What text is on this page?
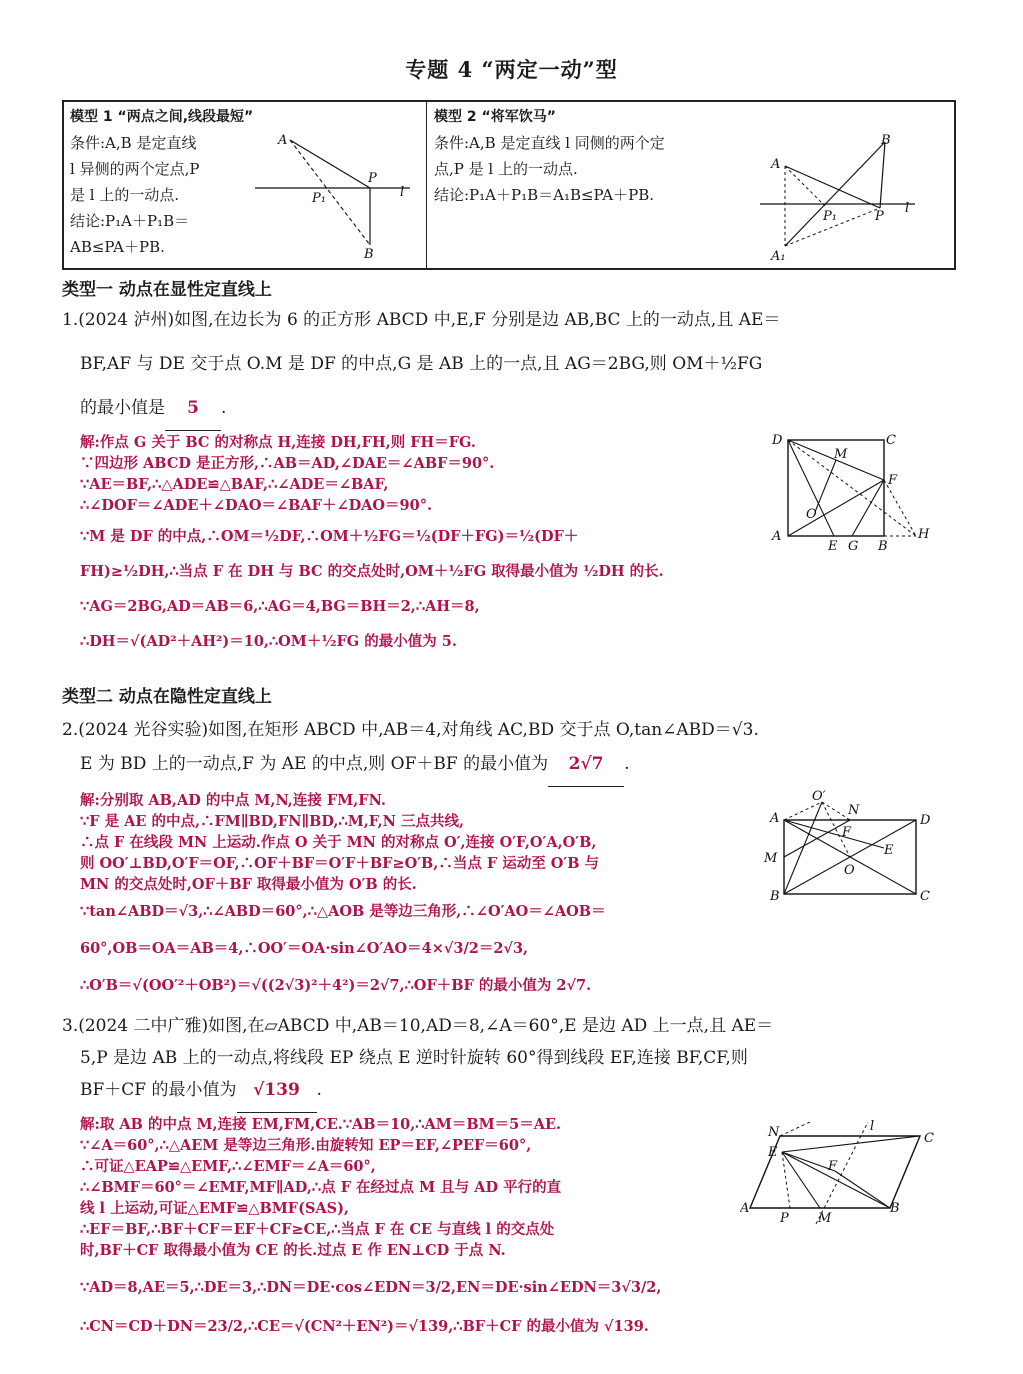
专题 4 “两定一动”型
模型 1 “两点之间,线段最短”
条件:A,B 是定直线
l 异侧的两个定点,P
是 l 上的一动点.
结论:P₁A＋P₁B＝
AB≤PA＋PB.
A
P
P₁	l
B
模型 2 “将军饮马”
条件:A,B 是定直线 l 同侧的两个定
点,P 是 l 上的一动点.
结论:P₁A＋P₁B＝A₁B≤PA＋PB.
B
A
P₁	P
l
A₁
类型一 动点在显性定直线上
1.(2024 泸州)如图,在边长为 6 的正方形 ABCD 中,E,F 分别是边 AB,BC 上的一动点,且 AE＝
BF,AF 与 DE 交于点 O.M 是 DF 的中点,G 是 AB 上的一点,且 AG＝2BG,则 OM＋½FG
的最小值是 5 .
解:作点 G 关于 BC 的对称点 H,连接 DH,FH,则 FH＝FG.
∵四边形 ABCD 是正方形,∴AB＝AD,∠DAE＝∠ABF＝90°.
∵AE＝BF,∴△ADE≌△BAF,∴∠ADE＝∠BAF,
∴∠DOF＝∠ADE＋∠DAO＝∠BAF＋∠DAO＝90°.
∵M 是 DF 的中点,∴OM＝½DF,∴OM＋½FG＝½(DF＋FG)＝½(DF＋
FH)≥½DH,∴当点 F 在 DH 与 BC 的交点处时,OM＋½FG 取得最小值为 ½DH 的长.
∵AG＝2BG,AD＝AB＝6,∴AG＝4,BG＝BH＝2,∴AH＝8,
∴DH＝√(AD²＋AH²)＝10,∴OM＋½FG 的最小值为 5.
D	C
M
F
O
A
E G B
H
类型二 动点在隐性定直线上
2.(2024 光谷实验)如图,在矩形 ABCD 中,AB＝4,对角线 AC,BD 交于点 O,tan∠ABD＝√3.
E 为 BD 上的一动点,F 为 AE 的中点,则 OF＋BF 的最小值为 2√7 .
解:分别取 AB,AD 的中点 M,N,连接 FM,FN.
∵F 是 AE 的中点,∴FM∥BD,FN∥BD,∴M,F,N 三点共线,
∴点 F 在线段 MN 上运动.作点 O 关于 MN 的对称点 O′,连接 O′F,O′A,O′B,
则 OO′⊥BD,O′F＝OF,∴OF＋BF＝O′F＋BF≥O′B,∴当点 F 运动至 O′B 与
MN 的交点处时,OF＋BF 取得最小值为 O′B 的长.
∵tan∠ABD＝√3,∴∠ABD＝60°,∴△AOB 是等边三角形,∴∠O′AO＝∠AOB＝
60°,OB＝OA＝AB＝4,∴OO′＝OA·sin∠O′AO＝4×√3/2＝2√3,
∴O′B＝√(OO′²＋OB²)＝√((2√3)²＋4²)＝2√7,∴OF＋BF 的最小值为 2√7.
O′
N
A	D
F
E
M
O
B	C
3.(2024 二中广雅)如图,在▱ABCD 中,AB＝10,AD＝8,∠A＝60°,E 是边 AD 上一点,且 AE＝
5,P 是边 AB 上的一动点,将线段 EP 绕点 E 逆时针旋转 60°得到线段 EF,连接 BF,CF,则
BF＋CF 的最小值为 √139 .
解:取 AB 的中点 M,连接 EM,FM,CE.∵AB＝10,∴AM＝BM＝5＝AE.
∵∠A＝60°,∴△AEM 是等边三角形.由旋转知 EP＝EF,∠PEF＝60°,
∴可证△EAP≌△EMF,∴∠EMF＝∠A＝60°,
∴∠BMF＝60°＝∠EMF,MF∥AD,∴点 F 在经过点 M 且与 AD 平行的直
线 l 上运动,可证△EMF≌△BMF(SAS),
∴EF＝BF,∴BF＋CF＝EF＋CF≥CE,∴当点 F 在 CE 与直线 l 的交点处
时,BF＋CF 取得最小值为 CE 的长.过点 E 作 EN⊥CD 于点 N.
∵AD＝8,AE＝5,∴DE＝3,∴DN＝DE·cos∠EDN＝3/2,EN＝DE·sin∠EDN＝3√3/2,
∴CN＝CD＋DN＝23/2,∴CE＝√(CN²＋EN²)＝√139,∴BF＋CF 的最小值为 √139.
N	l
C
E
F
A
P M
B
